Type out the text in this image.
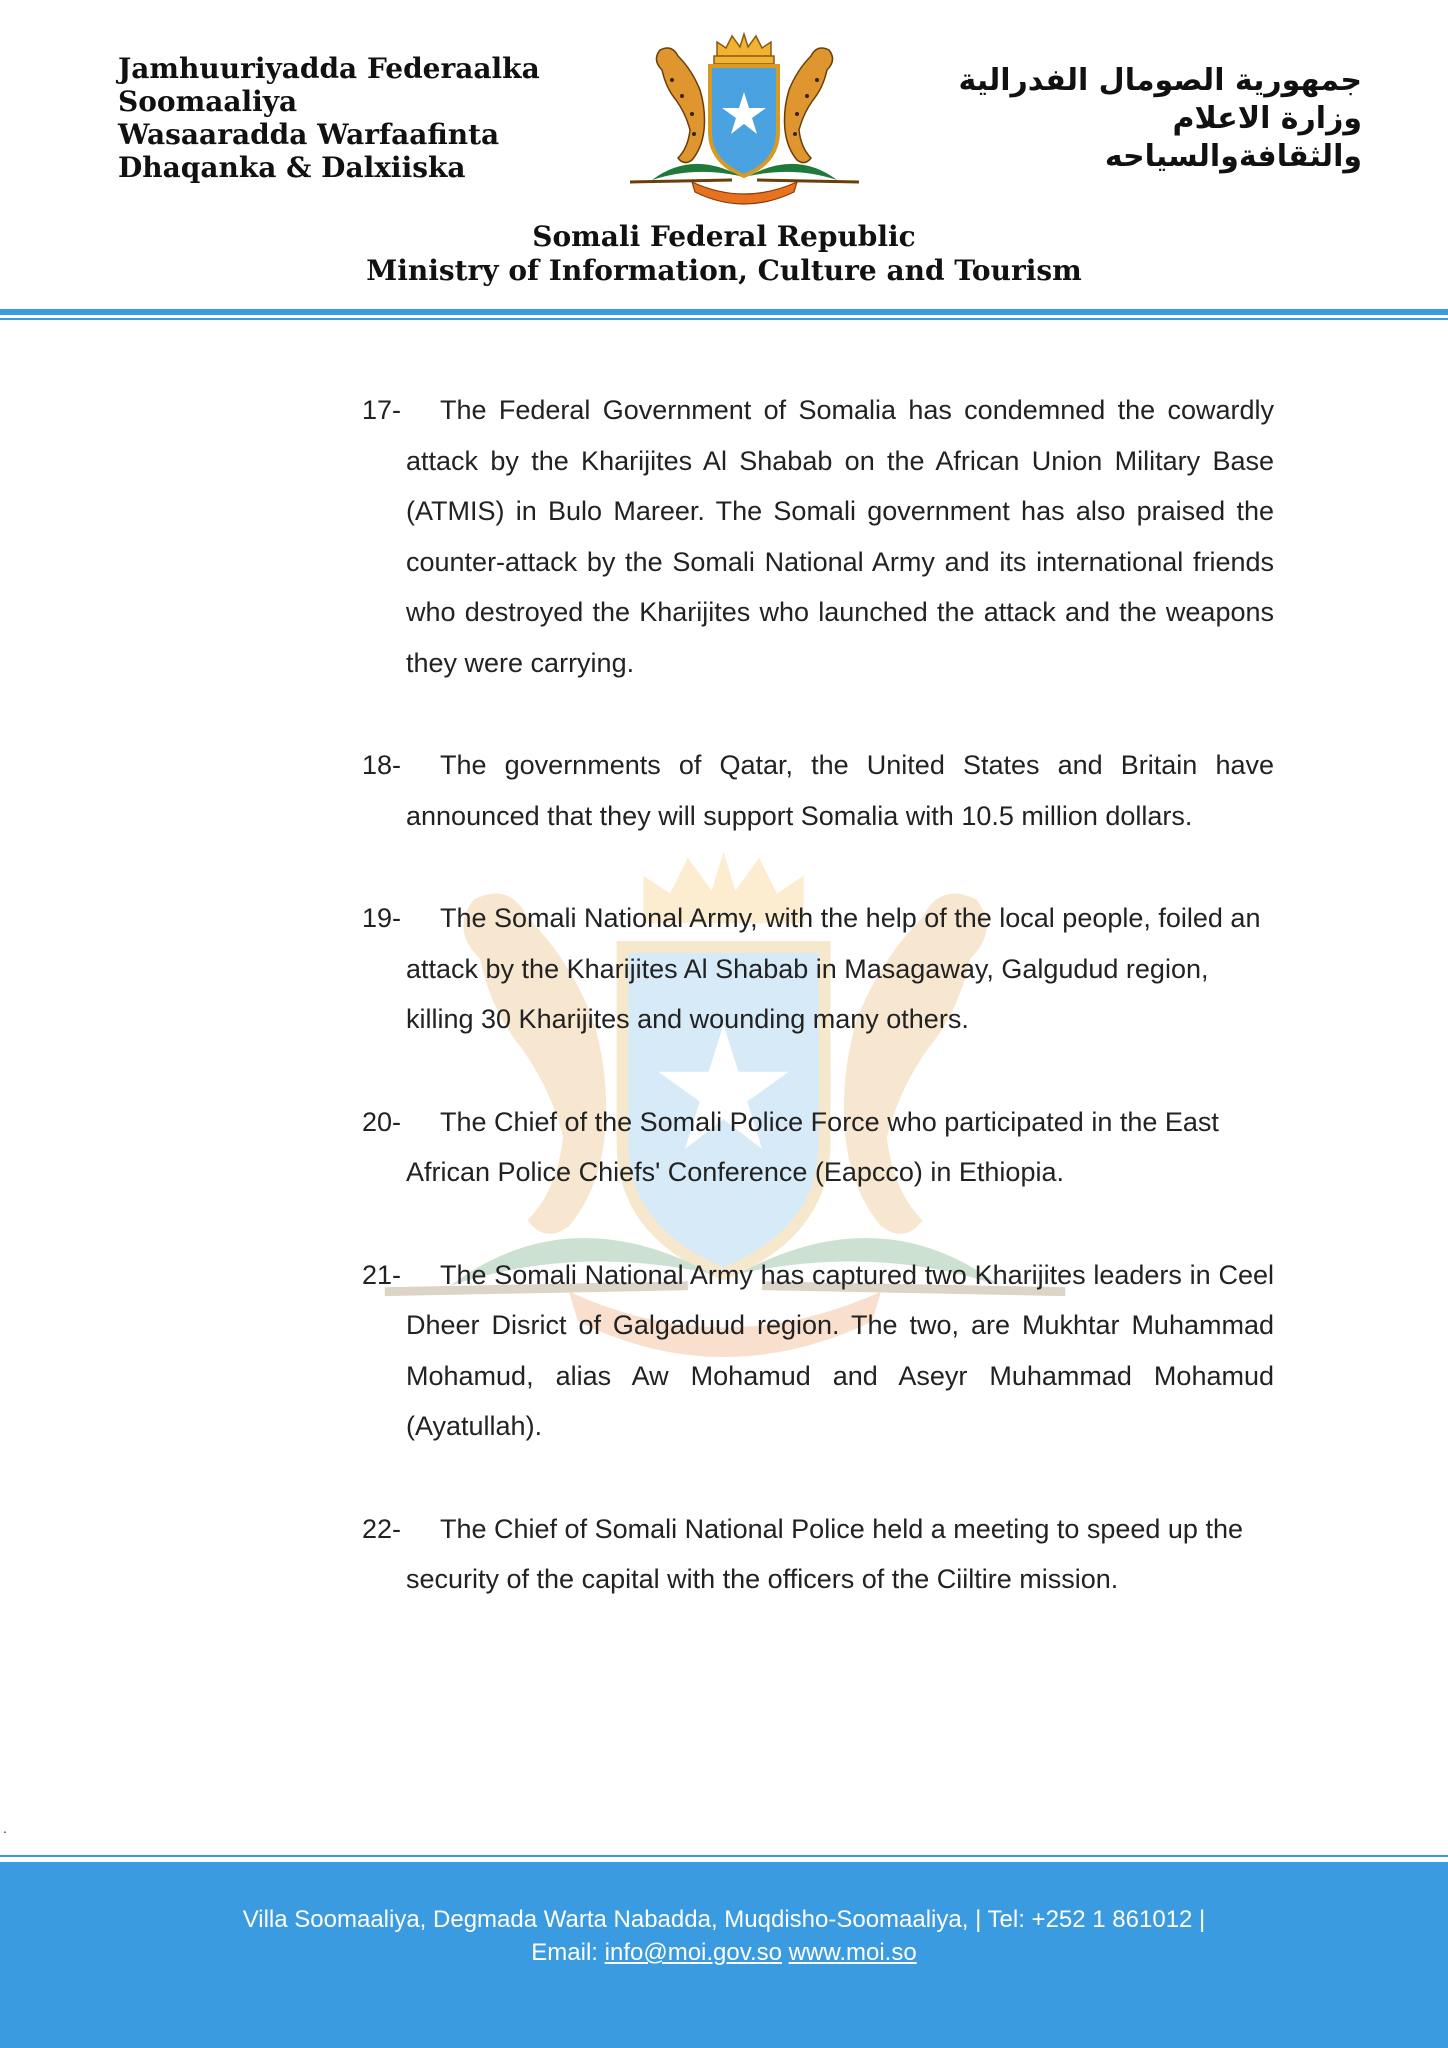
Jamhuuriyadda Federaalka
Soomaaliya
Wasaaradda Warfaafinta
Dhaqanka & Dalxiiska
جمهورية الصومال الفدرالية
وزارة الاعلام
والثقافةوالسياحه
Somali Federal Republic
Ministry of Information, Culture and Tourism

17- The Federal Government of Somalia has condemned the cowardly attack by the Kharijites Al Shabab on the African Union Military Base (ATMIS) in Bulo Mareer. The Somali government has also praised the counter-attack by the Somali National Army and its international friends who destroyed the Kharijites who launched the attack and the weapons they were carrying.

18- The governments of Qatar, the United States and Britain have announced that they will support Somalia with 10.5 million dollars.

19- The Somali National Army, with the help of the local people, foiled an attack by the Kharijites Al Shabab in Masagaway, Galgudud region, killing 30 Kharijites and wounding many others.

20- The Chief of the Somali Police Force who participated in the East African Police Chiefs' Conference (Eapcco) in Ethiopia.

21- The Somali National Army has captured two Kharijites leaders in Ceel Dheer Disrict of Galgaduud region. The two, are Mukhtar Muhammad Mohamud, alias Aw Mohamud and Aseyr Muhammad Mohamud (Ayatullah).

22- The Chief of Somali National Police held a meeting to speed up the security of the capital with the officers of the Ciiltire mission.

.
Villa Soomaaliya, Degmada Warta Nabadda, Muqdisho-Soomaaliya, | Tel: +252 1 861012 |
Email: info@moi.gov.so www.moi.so
